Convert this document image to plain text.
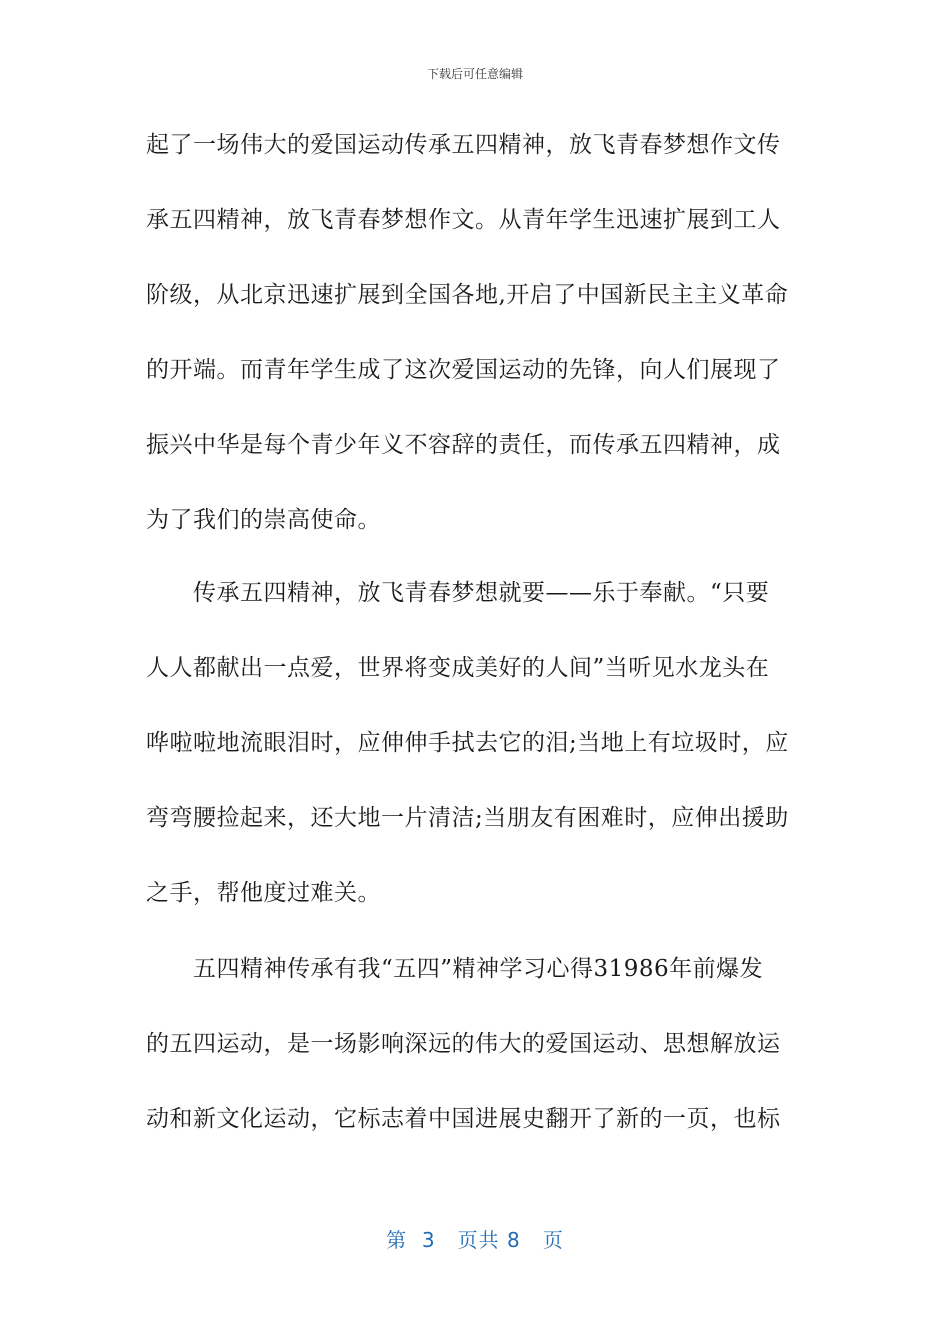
下载后可任意编辑
起了一场伟大的爱国运动传承五四精神，放飞青春梦想作文传
承五四精神，放飞青春梦想作文。从青年学生迅速扩展到工人
阶级，从北京迅速扩展到全国各地,开启了中国新民主主义革命
的开端。而青年学生成了这次爱国运动的先锋，向人们展现了
振兴中华是每个青少年义不容辞的责任，而传承五四精神，成
为了我们的崇高使命。
　　传承五四精神，放飞青春梦想就要——乐于奉献。“只要
人人都献出一点爱，世界将变成美好的人间”当听见水龙头在
哗啦啦地流眼泪时，应伸伸手拭去它的泪;当地上有垃圾时，应
弯弯腰捡起来，还大地一片清洁;当朋友有困难时，应伸出援助
之手，帮他度过难关。
　　五四精神传承有我“五四”精神学习心得31986年前爆发
的五四运动，是一场影响深远的伟大的爱国运动、思想解放运
动和新文化运动，它标志着中国进展史翻开了新的一页，也标
第 3 页共 8 页
